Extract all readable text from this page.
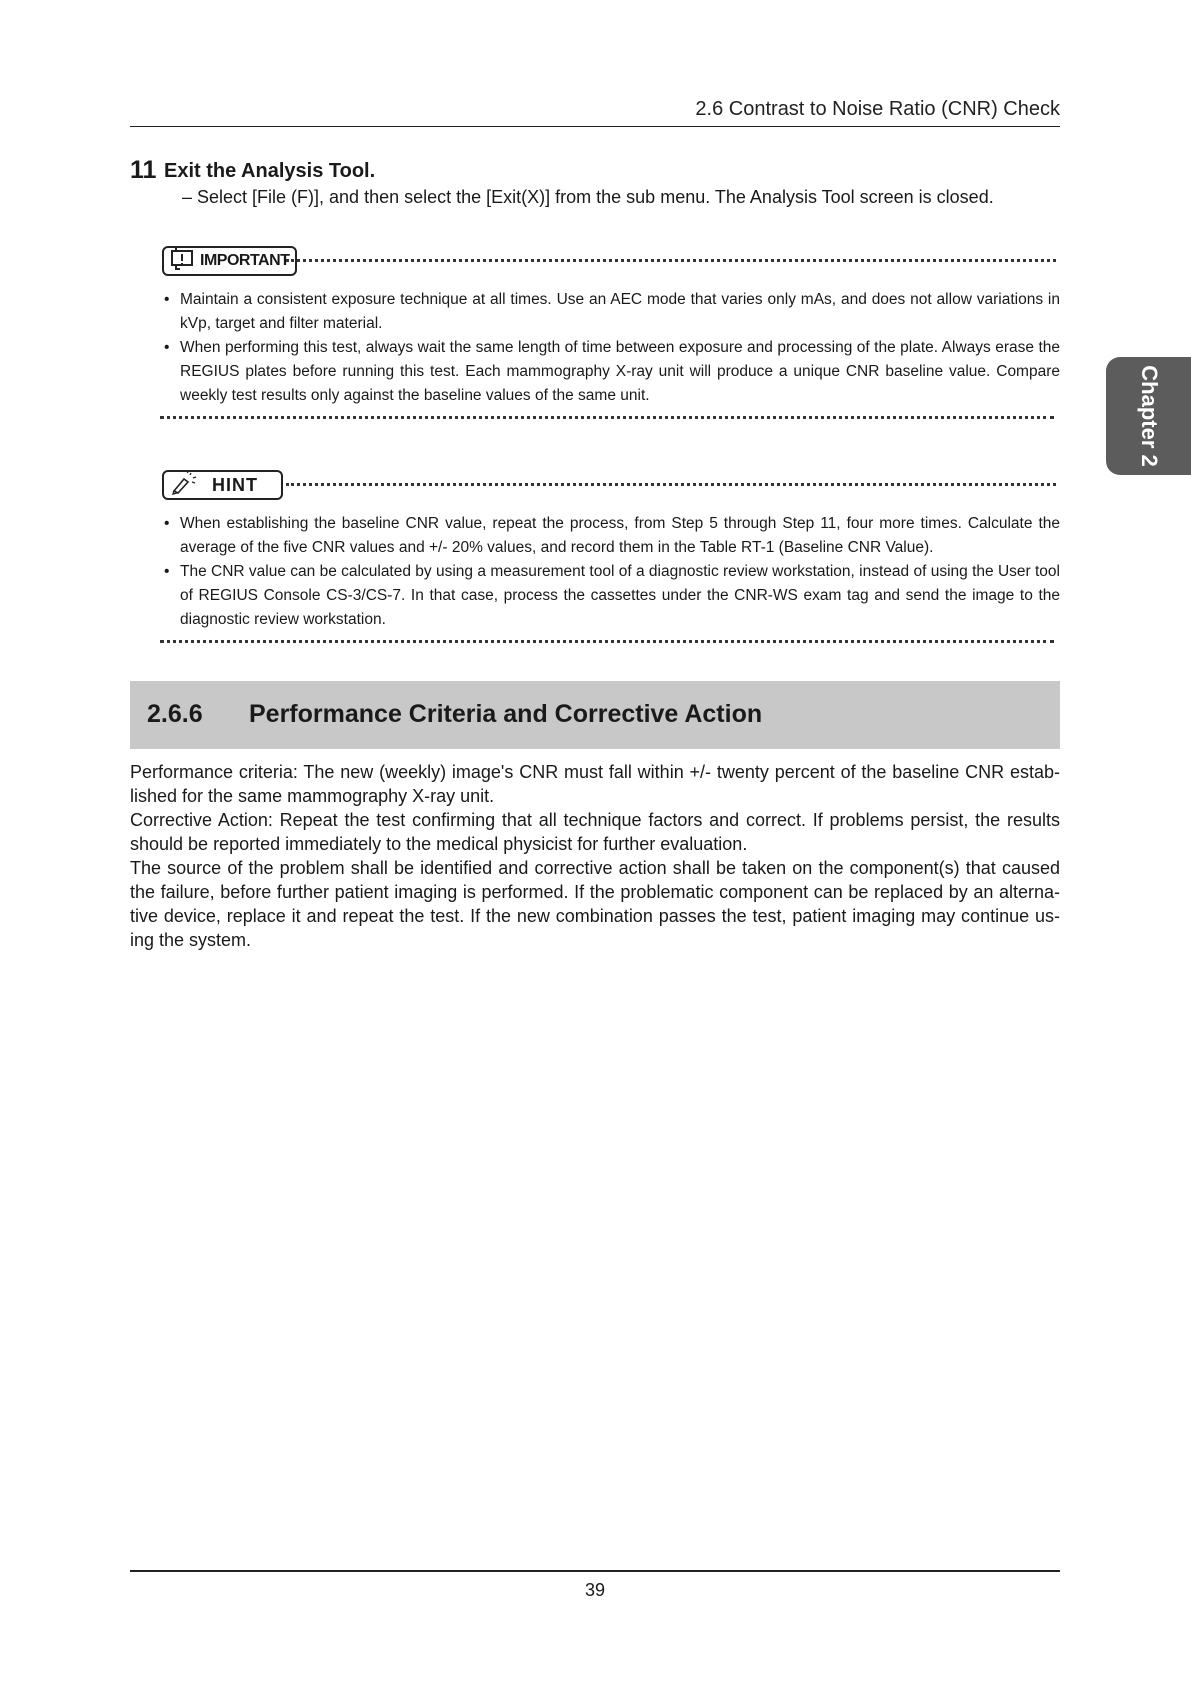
2.6 Contrast to Noise Ratio (CNR) Check
Chapter 2
11 Exit the Analysis Tool.
– Select [File (F)], and then select the [Exit(X)] from the sub menu. The Analysis Tool screen is closed.
IMPORTANT
• Maintain a consistent exposure technique at all times. Use an AEC mode that varies only mAs, and does not allow variations in kVp, target and filter material.
• When performing this test, always wait the same length of time between exposure and processing of the plate. Always erase the REGIUS plates before running this test. Each mammography X-ray unit will produce a unique CNR baseline value. Compare weekly test results only against the baseline values of the same unit.
HINT
• When establishing the baseline CNR value, repeat the process, from Step 5 through Step 11, four more times. Calculate the average of the five CNR values and +/- 20% values, and record them in the Table RT-1 (Baseline CNR Value).
• The CNR value can be calculated by using a measurement tool of a diagnostic review workstation, instead of using the User tool of REGIUS Console CS-3/CS-7. In that case, process the cassettes under the CNR-WS exam tag and send the image to the diagnostic review workstation.
2.6.6 Performance Criteria and Corrective Action

Performance criteria: The new (weekly) image's CNR must fall within +/- twenty percent of the baseline CNR estab-lished for the same mammography X-ray unit.

Corrective Action: Repeat the test confirming that all technique factors and correct. If problems persist, the results should be reported immediately to the medical physicist for further evaluation.

The source of the problem shall be identified and corrective action shall be taken on the component(s) that caused the failure, before further patient imaging is performed. If the problematic component can be replaced by an alterna-tive device, replace it and repeat the test. If the new combination passes the test, patient imaging may continue us-ing the system.

39
